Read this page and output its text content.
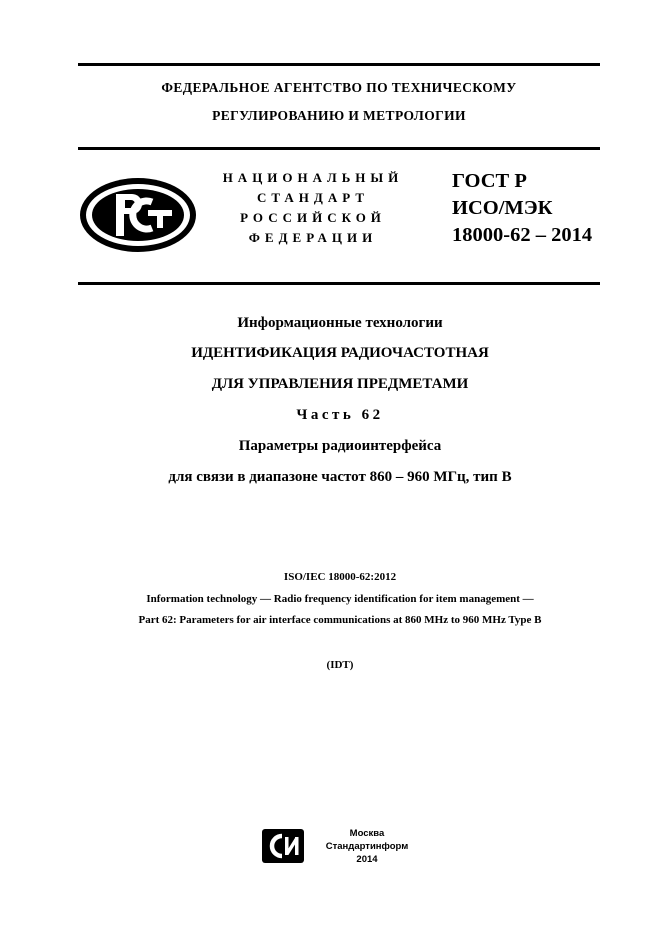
ФЕДЕРАЛЬНОЕ АГЕНТСТВО ПО ТЕХНИЧЕСКОМУ
РЕГУЛИРОВАНИЮ И МЕТРОЛОГИИ
НАЦИОНАЛЬНЫЙ
СТАНДАРТ
РОССИЙСКОЙ
ФЕДЕРАЦИИ
ГОСТ Р
ИСО/МЭК
18000-62 – 2014
Информационные технологии
ИДЕНТИФИКАЦИЯ РАДИОЧАСТОТНАЯ
ДЛЯ УПРАВЛЕНИЯ ПРЕДМЕТАМИ
Часть 62
Параметры радиоинтерфейса
для связи в диапазоне частот 860 – 960 МГц, тип В
ISO/IEC 18000-62:2012
Information technology — Radio frequency identification for item management —
Part 62: Parameters for air interface communications at 860 MHz to 960 MHz Type B
(IDT)
Москва
Стандартинформ
2014
